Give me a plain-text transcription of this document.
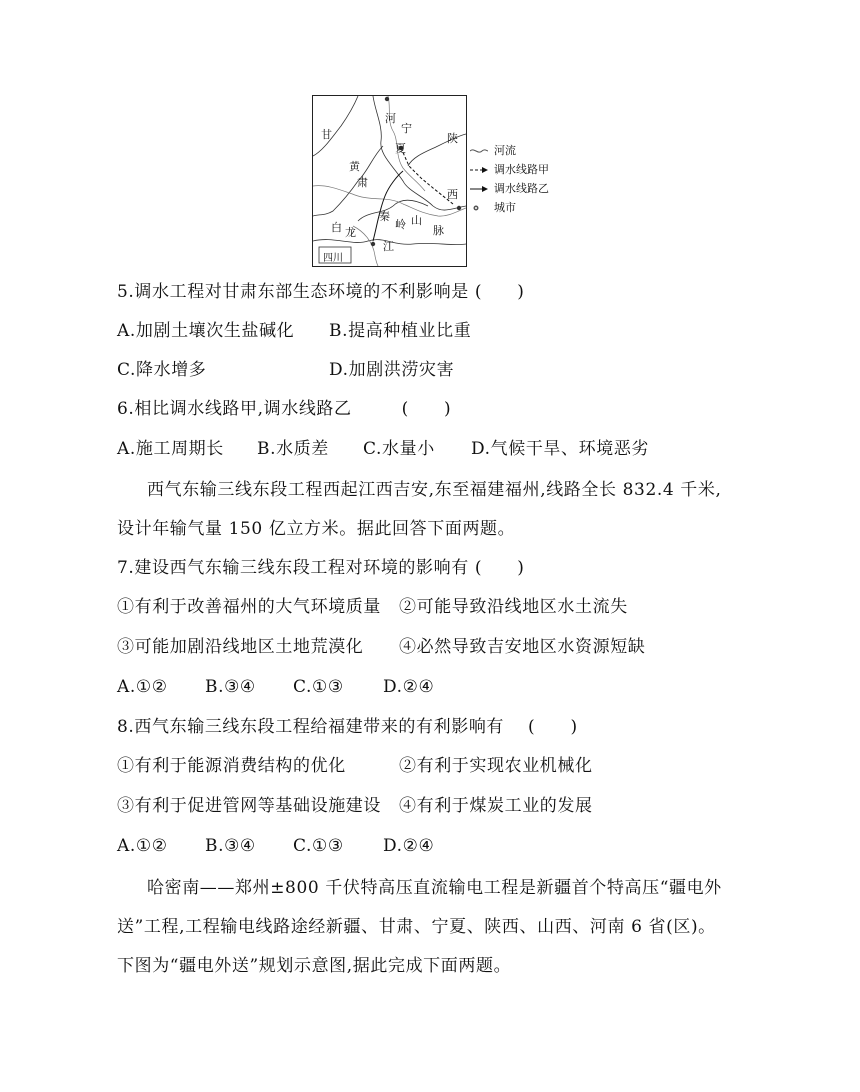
甘
河
宁
夏
陕
黄
肃
西
秦
白 龙
岭 山
脉
江
四川
河流
调水线路甲
调水线路乙
城市
5.调水工程对甘肃东部生态环境的不利影响是 (　　)
A.加剧土壤次生盐碱化 B.提高种植业比重
C.降水增多	D.加剧洪涝灾害
6.相比调水线路甲,调水线路乙	(　　)
A.施工周期长 B.水质差 C.水量小 D.气候干旱、环境恶劣
西气东输三线东段工程西起江西吉安,东至福建福州,线路全长 832.4 千米,
设计年输气量 150 亿立方米。据此回答下面两题。
7.建设西气东输三线东段工程对环境的影响有 (　　)
①有利于改善福州的大气环境质量 ②可能导致沿线地区水土流失
③可能加剧沿线地区土地荒漠化 ④必然导致吉安地区水资源短缺
A.①② B.③④ C.①③ D.②④
8.西气东输三线东段工程给福建带来的有利影响有 (　　)
①有利于能源消费结构的优化	②有利于实现农业机械化
③有利于促进管网等基础设施建设 ④有利于煤炭工业的发展
A.①② B.③④ C.①③ D.②④
哈密南——郑州±800 千伏特高压直流输电工程是新疆首个特高压“疆电外
送”工程,工程输电线路途经新疆、甘肃、宁夏、陕西、山西、河南 6 省(区)。
下图为“疆电外送”规划示意图,据此完成下面两题。
